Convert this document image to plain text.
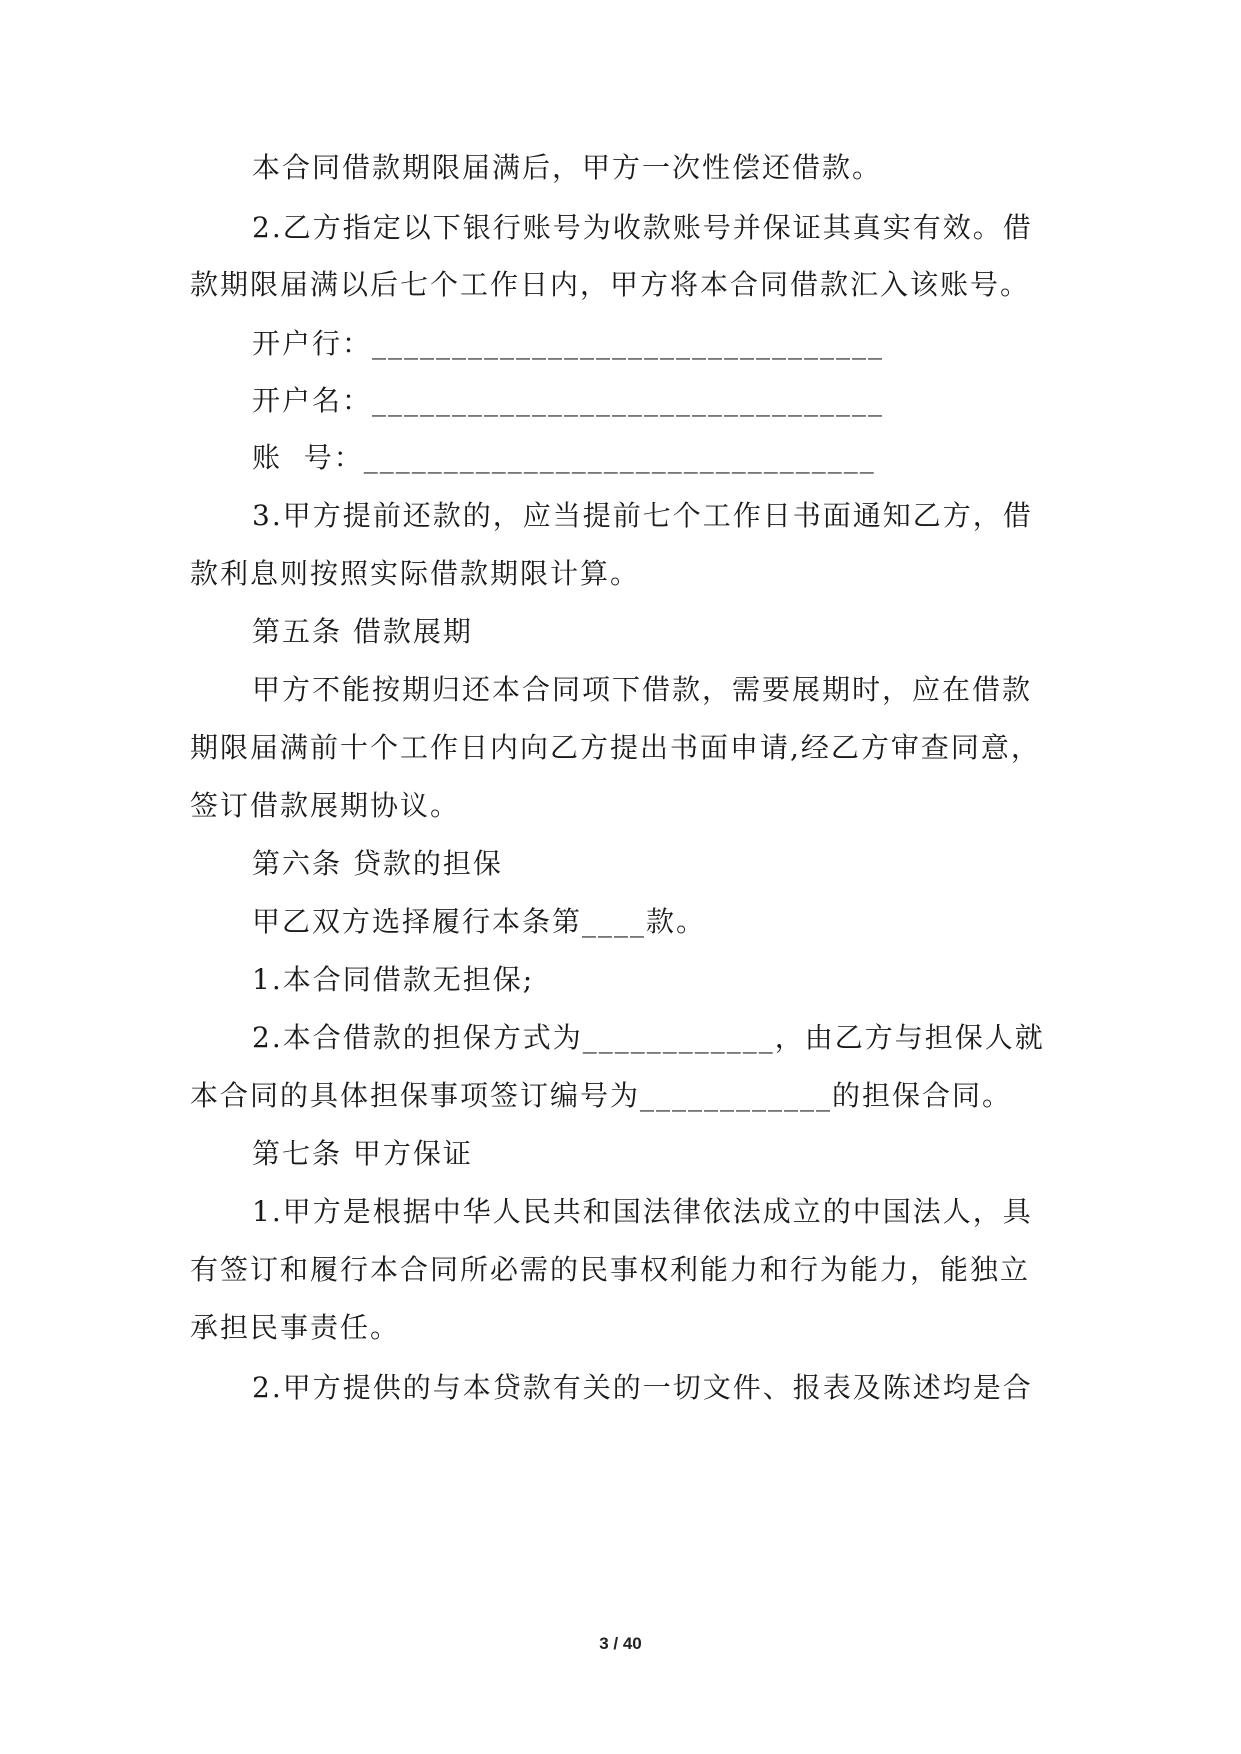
本合同借款期限届满后，甲方一次性偿还借款。
2.乙方指定以下银行账号为收款账号并保证其真实有效。借
款期限届满以后七个工作日内，甲方将本合同借款汇入该账号。
开户行：________________________________
开户名：________________________________
账  号：________________________________
3.甲方提前还款的，应当提前七个工作日书面通知乙方，借
款利息则按照实际借款期限计算。
第五条 借款展期
甲方不能按期归还本合同项下借款，需要展期时，应在借款
期限届满前十个工作日内向乙方提出书面申请,经乙方审查同意，
签订借款展期协议。
第六条 贷款的担保
甲乙双方选择履行本条第____款。
1.本合同借款无担保;
2.本合借款的担保方式为____________，由乙方与担保人就
本合同的具体担保事项签订编号为____________的担保合同。
第七条 甲方保证
1.甲方是根据中华人民共和国法律依法成立的中国法人，具
有签订和履行本合同所必需的民事权利能力和行为能力，能独立
承担民事责任。
2.甲方提供的与本贷款有关的一切文件、报表及陈述均是合
3 / 40
